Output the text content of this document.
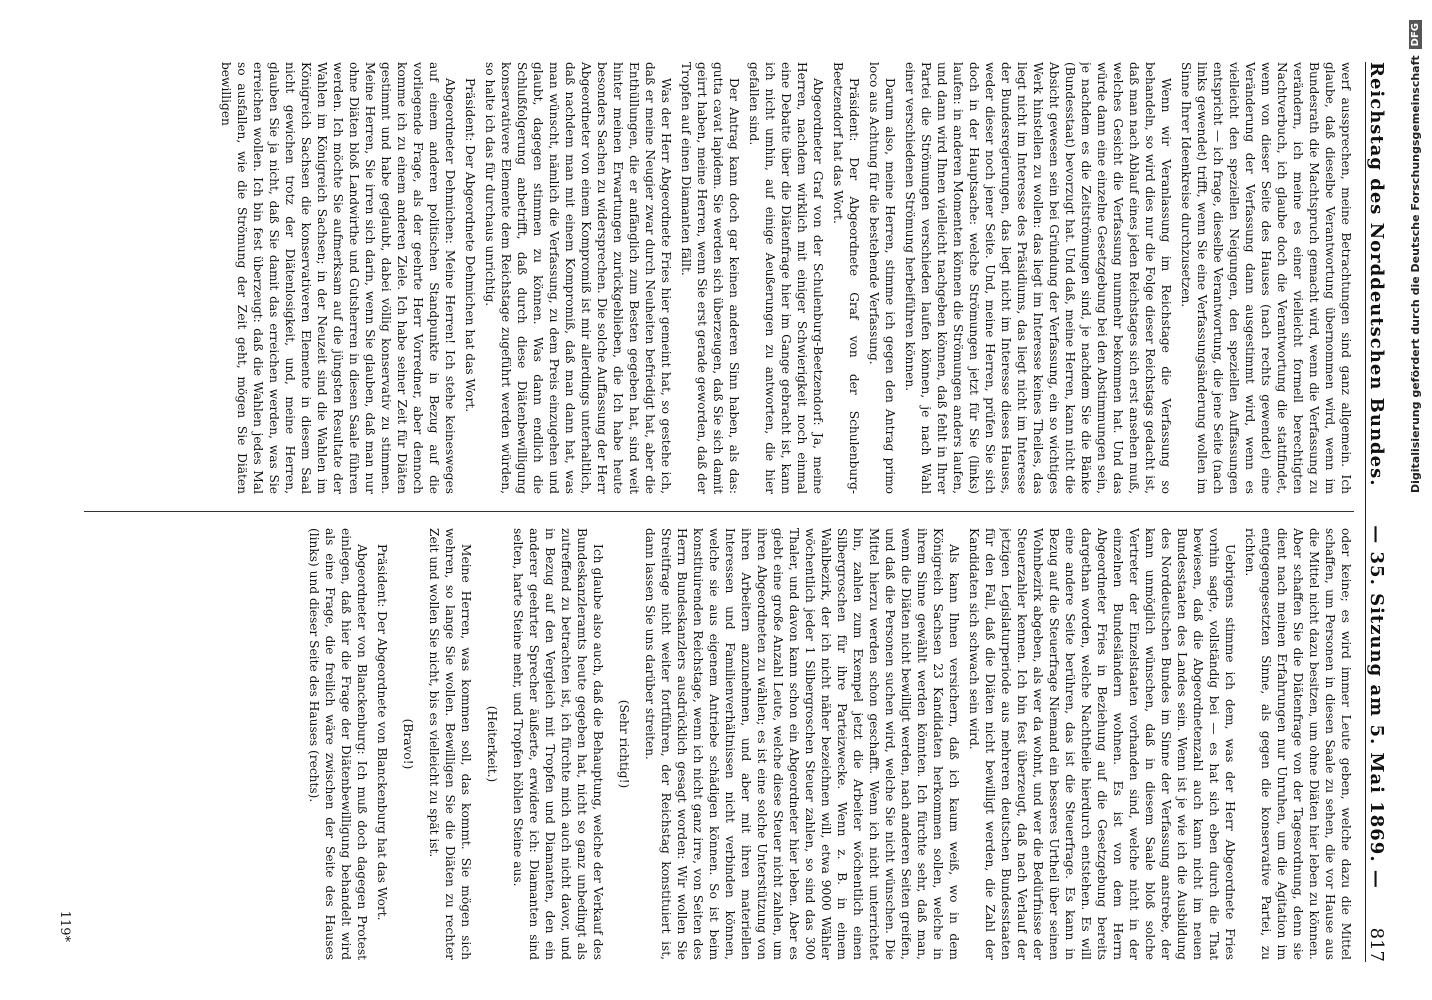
Reichstag des Norddeutschen Bundes.
— 35. Sitzung am 5. Mai 1869. —
817

werf aussprechen, meine Betrachtungen sind ganz allgemein. Ich glaube, daß dieselbe Verantwortung übernommen wird, wenn im Bundesrath die Machtspruch gemacht wird, wenn die Verfassung zu verändern, ich meine es einer vielleicht formell berechtigten Nachtverbuch, ich glaube doch die Verantwortung die stattfindet, wenn von dieser Seite des Hauses (nach rechts gewendet) eine Veränderung der Verfassung dann ausgestimmt wird, wenn es vielleicht den speziellen Neigungen, den speziellen Auffassungen entspricht — ich frage, dieselbe Verantwortung, die jene Seite (nach links gewendet) trifft, wenn Sie eine Verfassungsänderung wollen im Sinne Ihrer Ideenkreise durchzusetzen.

Wenn wir Veranlassung im Reichstage die Verfassung so behandeln, so wird dies nur die Folge dieser Reichstags gedacht ist, daß man nach Ablauf eines jeden Reichstages sich erst ansehen muß, welches Gesicht die Verfassung nunmehr bekommen hat. Und das würde dann eine einzelne Gesetzgebung bei den Abstimmungen sein, je nachdem es die Zeitströmungen sind, je nachdem Sie die Bänke (Bundesstaat) bevorzugt hat. Und daß, meine Herren, kann nicht die Absicht gewesen sein bei Gründung der Verfassung, ein so wichtiges Werk hinstellen zu wollen: das liegt im Interesse keines Theiles, das liegt nicht im Interesse des Präsidiums, das liegt nicht im Interesse der Bundesregierungen, das liegt nicht im Interesse dieses Hauses, weder dieser noch jener Seite. Und, meine Herren, prüfen Sie sich doch in der Hauptsache: welche Strömungen jetzt für Sie (links) laufen: in anderen Momenten können die Strömungen anders laufen, und dann wird Ihnen vielleicht nachgeben können, daß fehlt in Ihrer Partei die Strömungen verschieden laufen können, je nach Wahl einer verschiedenen Strömung herbeiführen können.

Darum also, meine Herren, stimme ich gegen den Antrag primo loco aus Achtung für die bestehende Verfassung.

Präsident: Der Abgeordnete Graf von der Schulenburg-Beetzendorf hat das Wort.

Abgeordneter Graf von der Schulenburg-Beetzendorf: Ja, meine Herren, nachdem wirklich mit einiger Schwierigkeit noch einmal eine Debatte über die Diätenfrage hier im Gange gebracht ist, kann ich nicht umhin, auf einige Aeußerungen zu antworten, die hier gefallen sind.

Der Antrag kann doch gar keinen anderen Sinn haben, als das: gutta cavat lapidem. Sie werden sich überzeugen, daß Sie sich damit geirrt haben, meine Herren, wenn Sie erst gerade geworden, daß der Tropfen auf einen Diamanten fällt.

Was der Herr Abgeordnete Fries hier gemeint hat, so gestehe ich, daß er meine Neugier zwar durch Neuheiten befriedigt hat, aber die Enthüllungen, die er anfänglich zum Besten gegeben hat, sind weit hinter meinen Erwartungen zurückgeblieben, die Ich habe heute besonders Sachen zu widersprechen. Die solche Auffassung der Herr Abgeordneter von einem Kompromiß ist mir allerdings unterhaltlich, daß nachdem man mit einem Kompromiß, daß man dann hat, was man wünscht, nämlich die Verfassung, zu dem Preis einzugehen und glaubt, dagegen stimmen zu können. Was dann endlich die Schlußfolgerung anbetrifft, daß durch diese Diätenbewilligung konservativere Elemente dem Reichstage zugeführt werden würden, so halte ich das für durchaus unrichtig.

Präsident: Der Abgeordnete Dehmichen hat das Wort.

Abgeordneter Dehmichen: Meine Herren! Ich stehe keinesweges auf einem anderen politischen Standpunkte in Bezug auf die vorliegende Frage, als der geehrte Herr Vorredner, aber dennoch komme ich zu einem anderen Ziele. Ich habe seiner Zeit für Diäten gestimmt und habe geglaubt, dabei völlig konservativ zu stimmen. Meine Herren, Sie irren sich darin, wenn Sie glauben, daß man nur ohne Diäten bloß Landwirthe und Gutsherren in diesen Saale führen werden. Ich möchte Sie aufmerksam auf die jüngsten Resultate der Wahlen im Königreich Sachsen; in der Neuzeit sind die Wahlen im Königreich Sachsen die konservativeren Elemente in diesem Saal nicht gewichen trotz der Diätenlosigkeit, und, meine Herren, glauben Sie ja nicht, daß Sie damit das erreichen werden, was Sie erreichen wollen. Ich bin fest überzeugt: daß die Wahlen jedes Mal so ausfallen, wie die Strömung der Zeit geht, mögen Sie Diäten bewilligen

oder keine; es wird immer Leute geben, welche dazu die Mittel schaffen, um Personen in diesen Saale zu sehen, die vor Hause aus die Mittel nicht dazu besitzen, um ohne Diäten hier leben zu können. Aber schaffen Sie die Diätenfrage von der Tagesordnung, denn sie dient nach meinen Erfahrungen nur Unruhen, um die Agitation im entgegengesetzten Sinne, als gegen die konservative Partei, zu richten.

Uebrigens stimme ich dem, was der Herr Abgeordnete Fries vorhin sagte, vollständig bei — es hat sich eben durch die That bewiesen, daß die Abgeordnetenzahl auch kann nicht im neuen Bundesstaaten des Landes sein. Wenn ist je wie ich die Ausbildung des Norddeutschen Bundes im Sinne der Verfassung anstrebe, der kann unmöglich wünschen, daß in diesem Saale bloß solche Vertreter der Einzelstaaten vorhanden sind, welche nicht in der einzelnen Bundesländern wohnen. Es ist von dem Herrn Abgeordneter Fries in Beziehung auf die Gesetzgebung bereits dargethan worden, welche Nachtheile hierdurch entstehen. Es will eine andere Seite berühren, das ist die Steuerfrage. Es kann in Bezug auf die Steuerfrage Niemand ein besseres Urtheil über seinen Wohnbezirk abgeben, als wer da wohnt, und wer die Bedürfnisse der Steuerzahler kennen. Ich bin fest überzeugt, daß nach Verlauf der jetzigen Legislaturperiode aus mehreren deutschen Bundesstaaten für den Fall, daß die Diäten nicht bewilligt werden, die Zahl der Kandidaten sich schwach sein wird.

Als kann Ihnen versichern, daß ich kaum weiß, wo in dem Königreich Sachsen 23 Kandidaten herkommen sollen, welche in ihrem Sinne gewählt werden könnten. Ich fürchte sehr, daß man, wenn die Diäten nicht bewilligt werden, nach anderen Seiten greifen, und daß die Personen suchen wird, welche Sie nicht wünschen. Die Mittel hierzu werden schon geschafft. Wenn ich nicht unterrichtet bin, zahlen zum Exempel jetzt die Arbeiter wöchentlich einen Silbergroschen für ihre Parteizwecke. Wenn z. B. in einem Wahlbezirk, der ich nicht näher bezeichnen will, etwa 9000 Wähler wöchentlich jeder 1 Silbergroschen Steuer zahlen, so sind das 300 Thaler, und davon kann schon ein Abgeordneter hier leben. Aber es giebt eine große Anzahl Leute, welche diese Steuer nicht zahlen, um ihren Abgeordneten zu wählen; es ist eine solche Unterstützung von ihren Arbeitern anzunehmen, und aber mit ihren materiellen Interessen und Familienverhältnissen nicht verbinden können, welche sie aus eigenem Antriebe schädigen können. So ist beim konstituirenden Reichstage, wenn ich nicht ganz irre, von Seiten des Herrn Bundeskanzlers ausdrücklich gesagt worden: Wir wollen Sie Streitfrage nicht weiter fortführen, der Reichstag konstituiert ist, dann lassen Sie uns darüber streiten.

(Sehr richtig!)

Ich glaube also auch, daß die Behauptung, welche der Verkauf des Bundeskanzleramts heute gegeben hat, nicht so ganz unbedingt als zutreffend zu betrachten ist, ich fürchte mich auch nicht davor, und in Bezug auf den Vergleich mit Tropfen und Diamanten, den ein anderer geehrter Sprecher äußerte, erwidere ich: Diamanten sind selten, harte Steine mehr, und Tropfen höhlen Steine aus.

(Heiterkeit.)

Meine Herren, was kommen soll, das kommt. Sie mögen sich wehren, so lange Sie wollen. Bewilligen Sie die Diäten zu rechter Zeit und wollen Sie nicht, bis es vielleicht zu spät ist.

(Bravo!)

Präsident: Der Abgeordnete von Blanckenburg hat das Wort.

Abgeordneter von Blanckenburg: Ich muß doch dagegen Protest einlegen, daß hier die Frage der Diätenbewilligung behandelt wird als eine Frage, die freilich wäre zwischen der Seite des Hauses (links) und dieser Seite des Hauses (rechts).

119*
Digitalisierung gefördert durch die Deutsche Forschungsgemeinschaft
DFG
